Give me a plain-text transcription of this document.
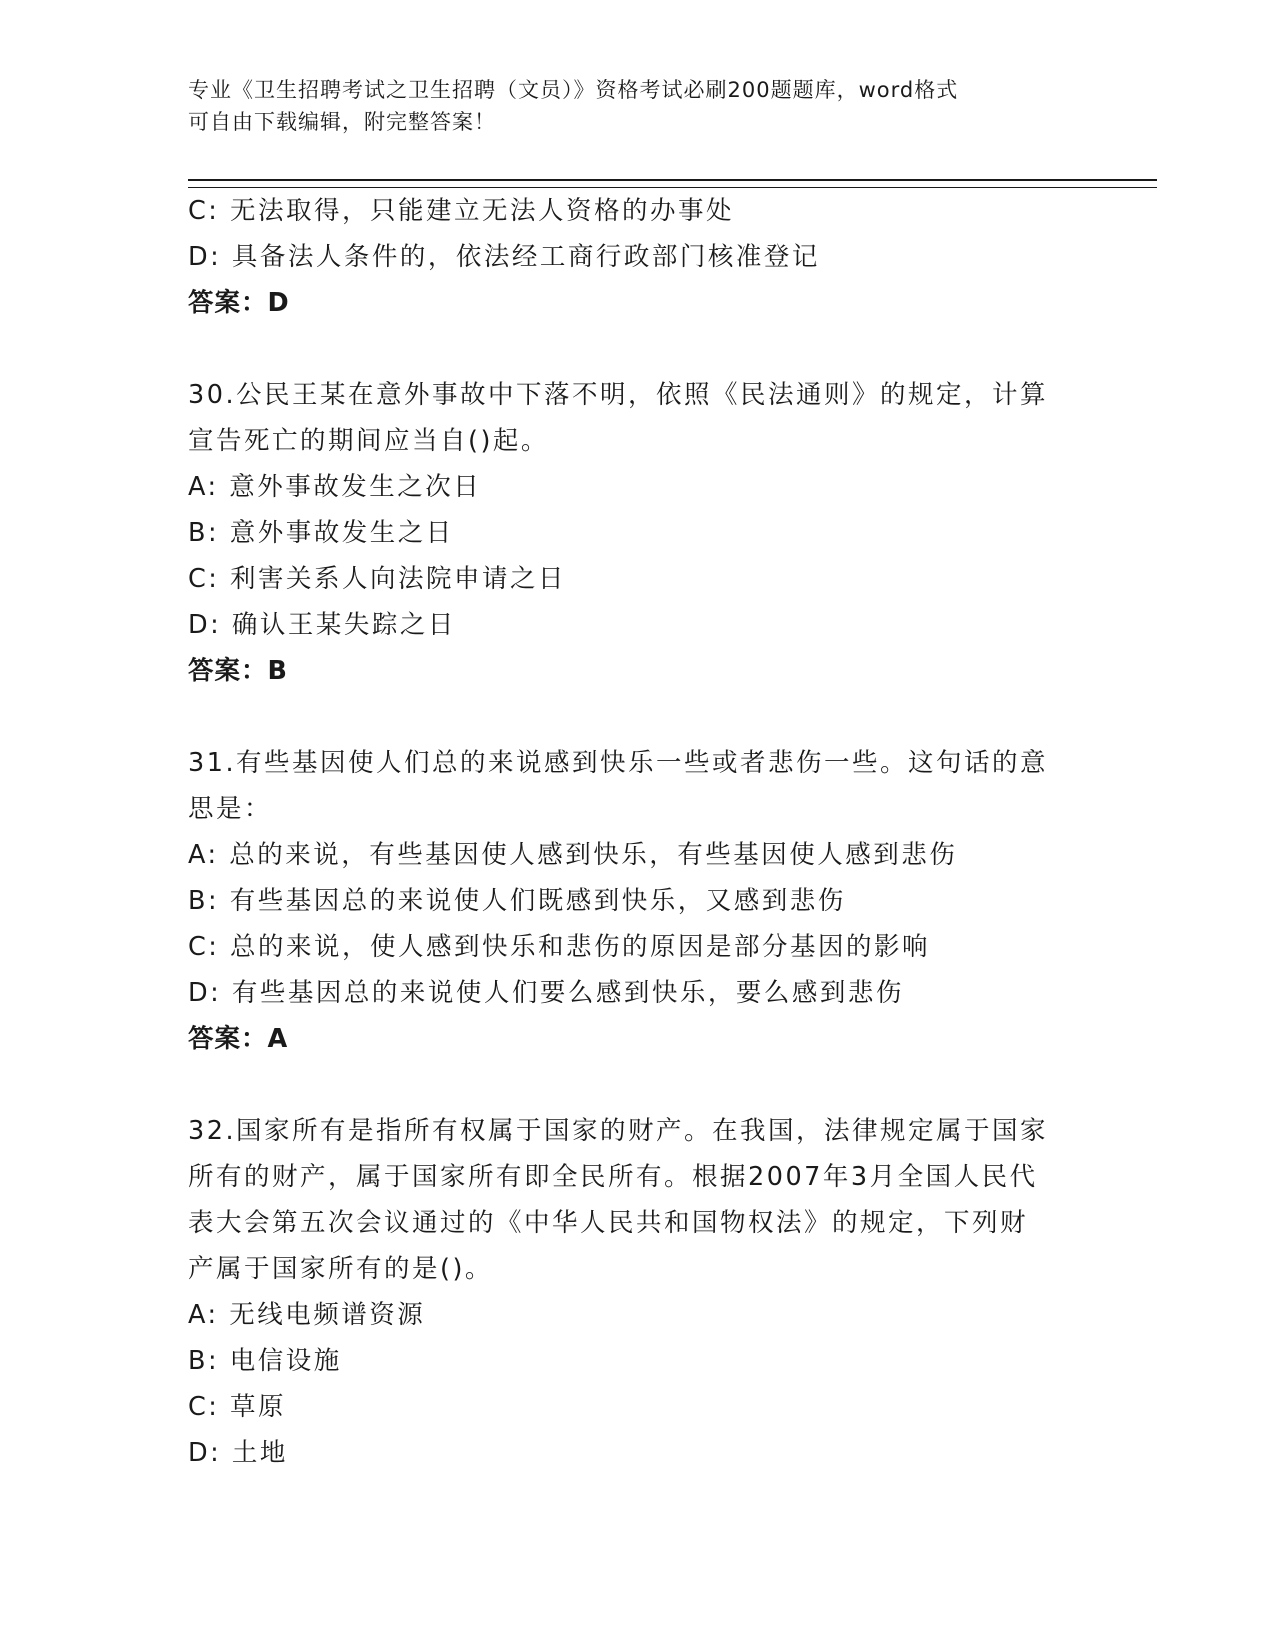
专业《卫生招聘考试之卫生招聘（文员）》资格考试必刷200题题库，word格式
可自由下载编辑，附完整答案！
C: 无法取得，只能建立无法人资格的办事处
D: 具备法人条件的，依法经工商行政部门核准登记
答案：D
30.公民王某在意外事故中下落不明，依照《民法通则》的规定，计算
宣告死亡的期间应当自()起。
A: 意外事故发生之次日
B: 意外事故发生之日
C: 利害关系人向法院申请之日
D: 确认王某失踪之日
答案：B
31.有些基因使人们总的来说感到快乐一些或者悲伤一些。这句话的意
思是：
A: 总的来说，有些基因使人感到快乐，有些基因使人感到悲伤
B: 有些基因总的来说使人们既感到快乐，又感到悲伤
C: 总的来说，使人感到快乐和悲伤的原因是部分基因的影响
D: 有些基因总的来说使人们要么感到快乐，要么感到悲伤
答案：A
32.国家所有是指所有权属于国家的财产。在我国，法律规定属于国家
所有的财产，属于国家所有即全民所有。根据2007年3月全国人民代
表大会第五次会议通过的《中华人民共和国物权法》的规定，下列财
产属于国家所有的是()。
A: 无线电频谱资源
B: 电信设施
C: 草原
D: 土地
